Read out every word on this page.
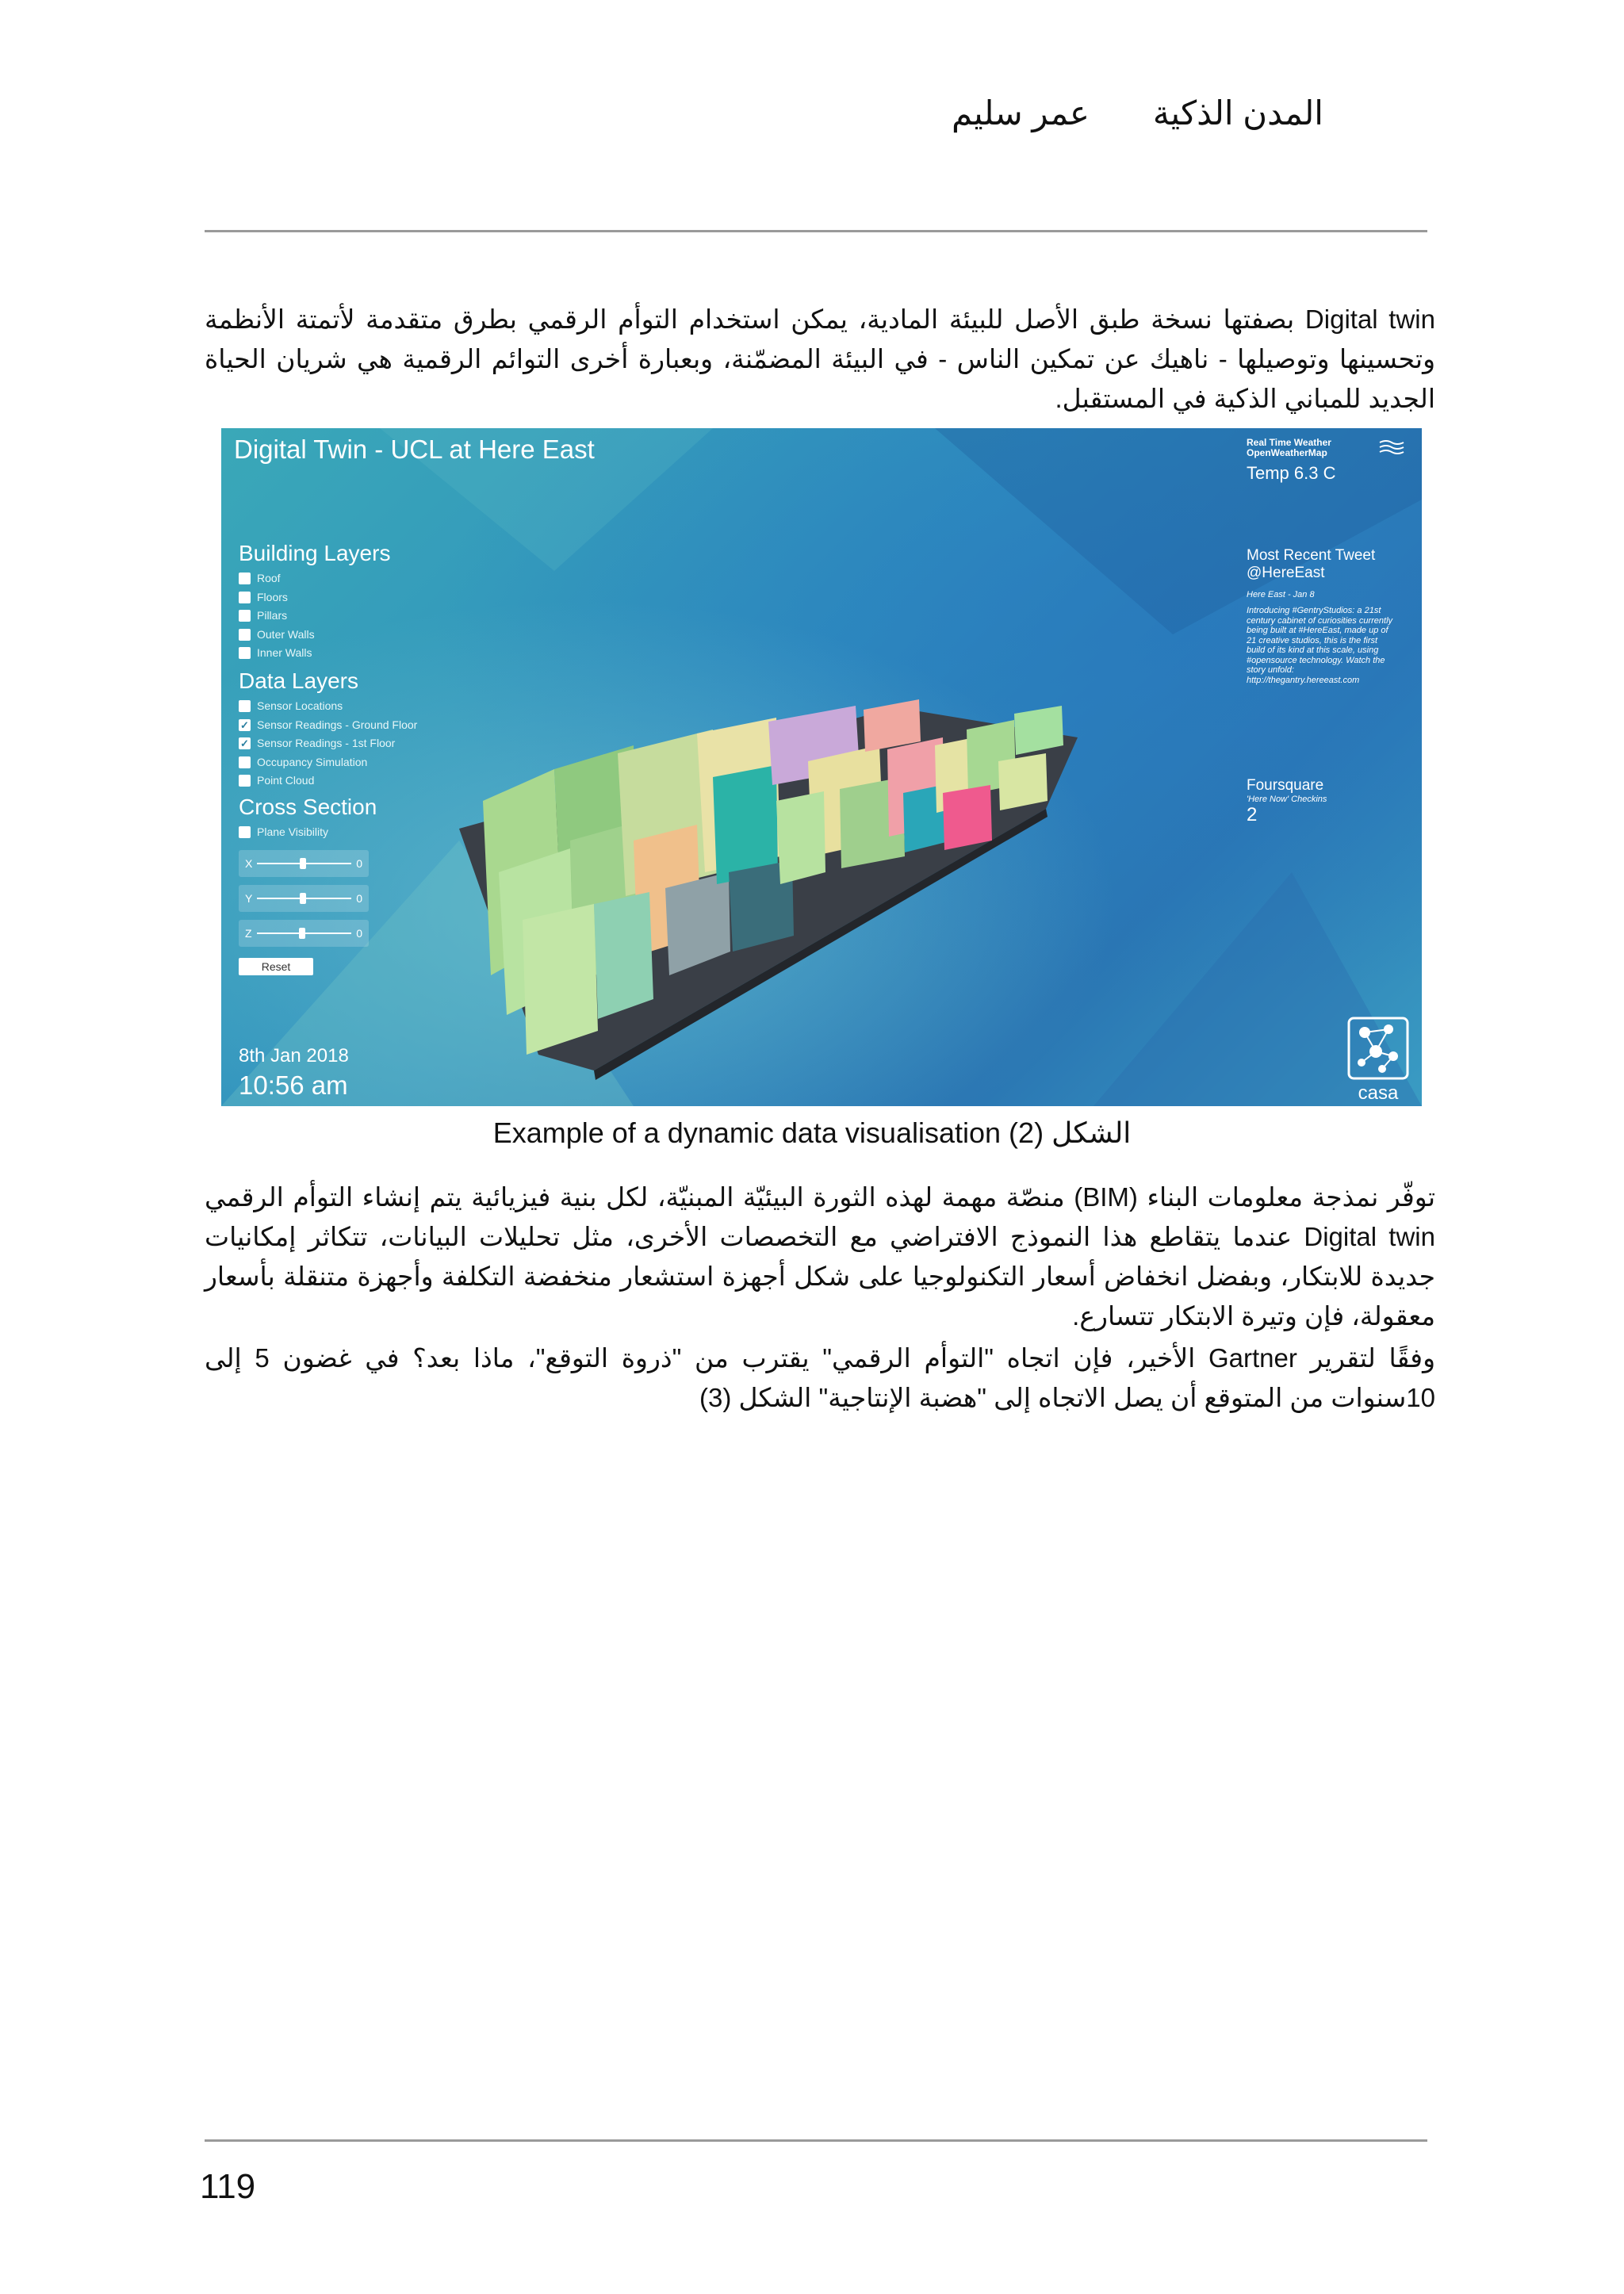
المدن الذكية
عمر سليم

Digital twin بصفتها نسخة طبق الأصل للبيئة المادية، يمكن استخدام التوأم الرقمي بطرق متقدمة لأتمتة الأنظمة وتحسينها وتوصيلها - ناهيك عن تمكين الناس - في البيئة المضمّنة، وبعبارة أخرى التوائم الرقمية هي شريان الحياة الجديد للمباني الذكية في المستقبل.

Digital Twin - UCL at Here East
Building Layers
Roof
Floors
Pillars
Outer Walls
Inner Walls
Data Layers
Sensor Locations
✓ Sensor Readings - Ground Floor
✓ Sensor Readings - 1st Floor
Occupancy Simulation
Point Cloud
Cross Section
Plane Visibility
X	0
Y	0
Z	0
Reset
Real Time Weather
OpenWeatherMap
Temp 6.3 C
Most Recent Tweet
@HereEast
Here East - Jan 8
Introducing #GentryStudios: a 21st century cabinet of curiosities currently being built at #HereEast, made up of 21 creative studios, this is the first build of its kind at this scale, using #opensource technology. Watch the story unfold: http://thegantry.hereeast.com
Foursquare
'Here Now' Checkins
2
8th Jan 2018
10:56 am	casa
Example of a dynamic data visualisation الشكل (2)

توفّر نمذجة معلومات البناء (BIM) منصّة مهمة لهذه الثورة البيئيّة المبنيّة، لكل بنية فيزيائية يتم إنشاء التوأم الرقمي Digital twin عندما يتقاطع هذا النموذج الافتراضي مع التخصصات الأخرى، مثل تحليلات البيانات، تتكاثر إمكانيات جديدة للابتكار، وبفضل انخفاض أسعار التكنولوجيا على شكل أجهزة استشعار منخفضة التكلفة وأجهزة متنقلة بأسعار معقولة، فإن وتيرة الابتكار تتسارع.

وفقًا لتقرير Gartner الأخير، فإن اتجاه "التوأم الرقمي" يقترب من "ذروة التوقع"، ماذا بعد؟ في غضون 5 إلى 10سنوات من المتوقع أن يصل الاتجاه إلى "هضبة الإنتاجية" الشكل (3)

119
